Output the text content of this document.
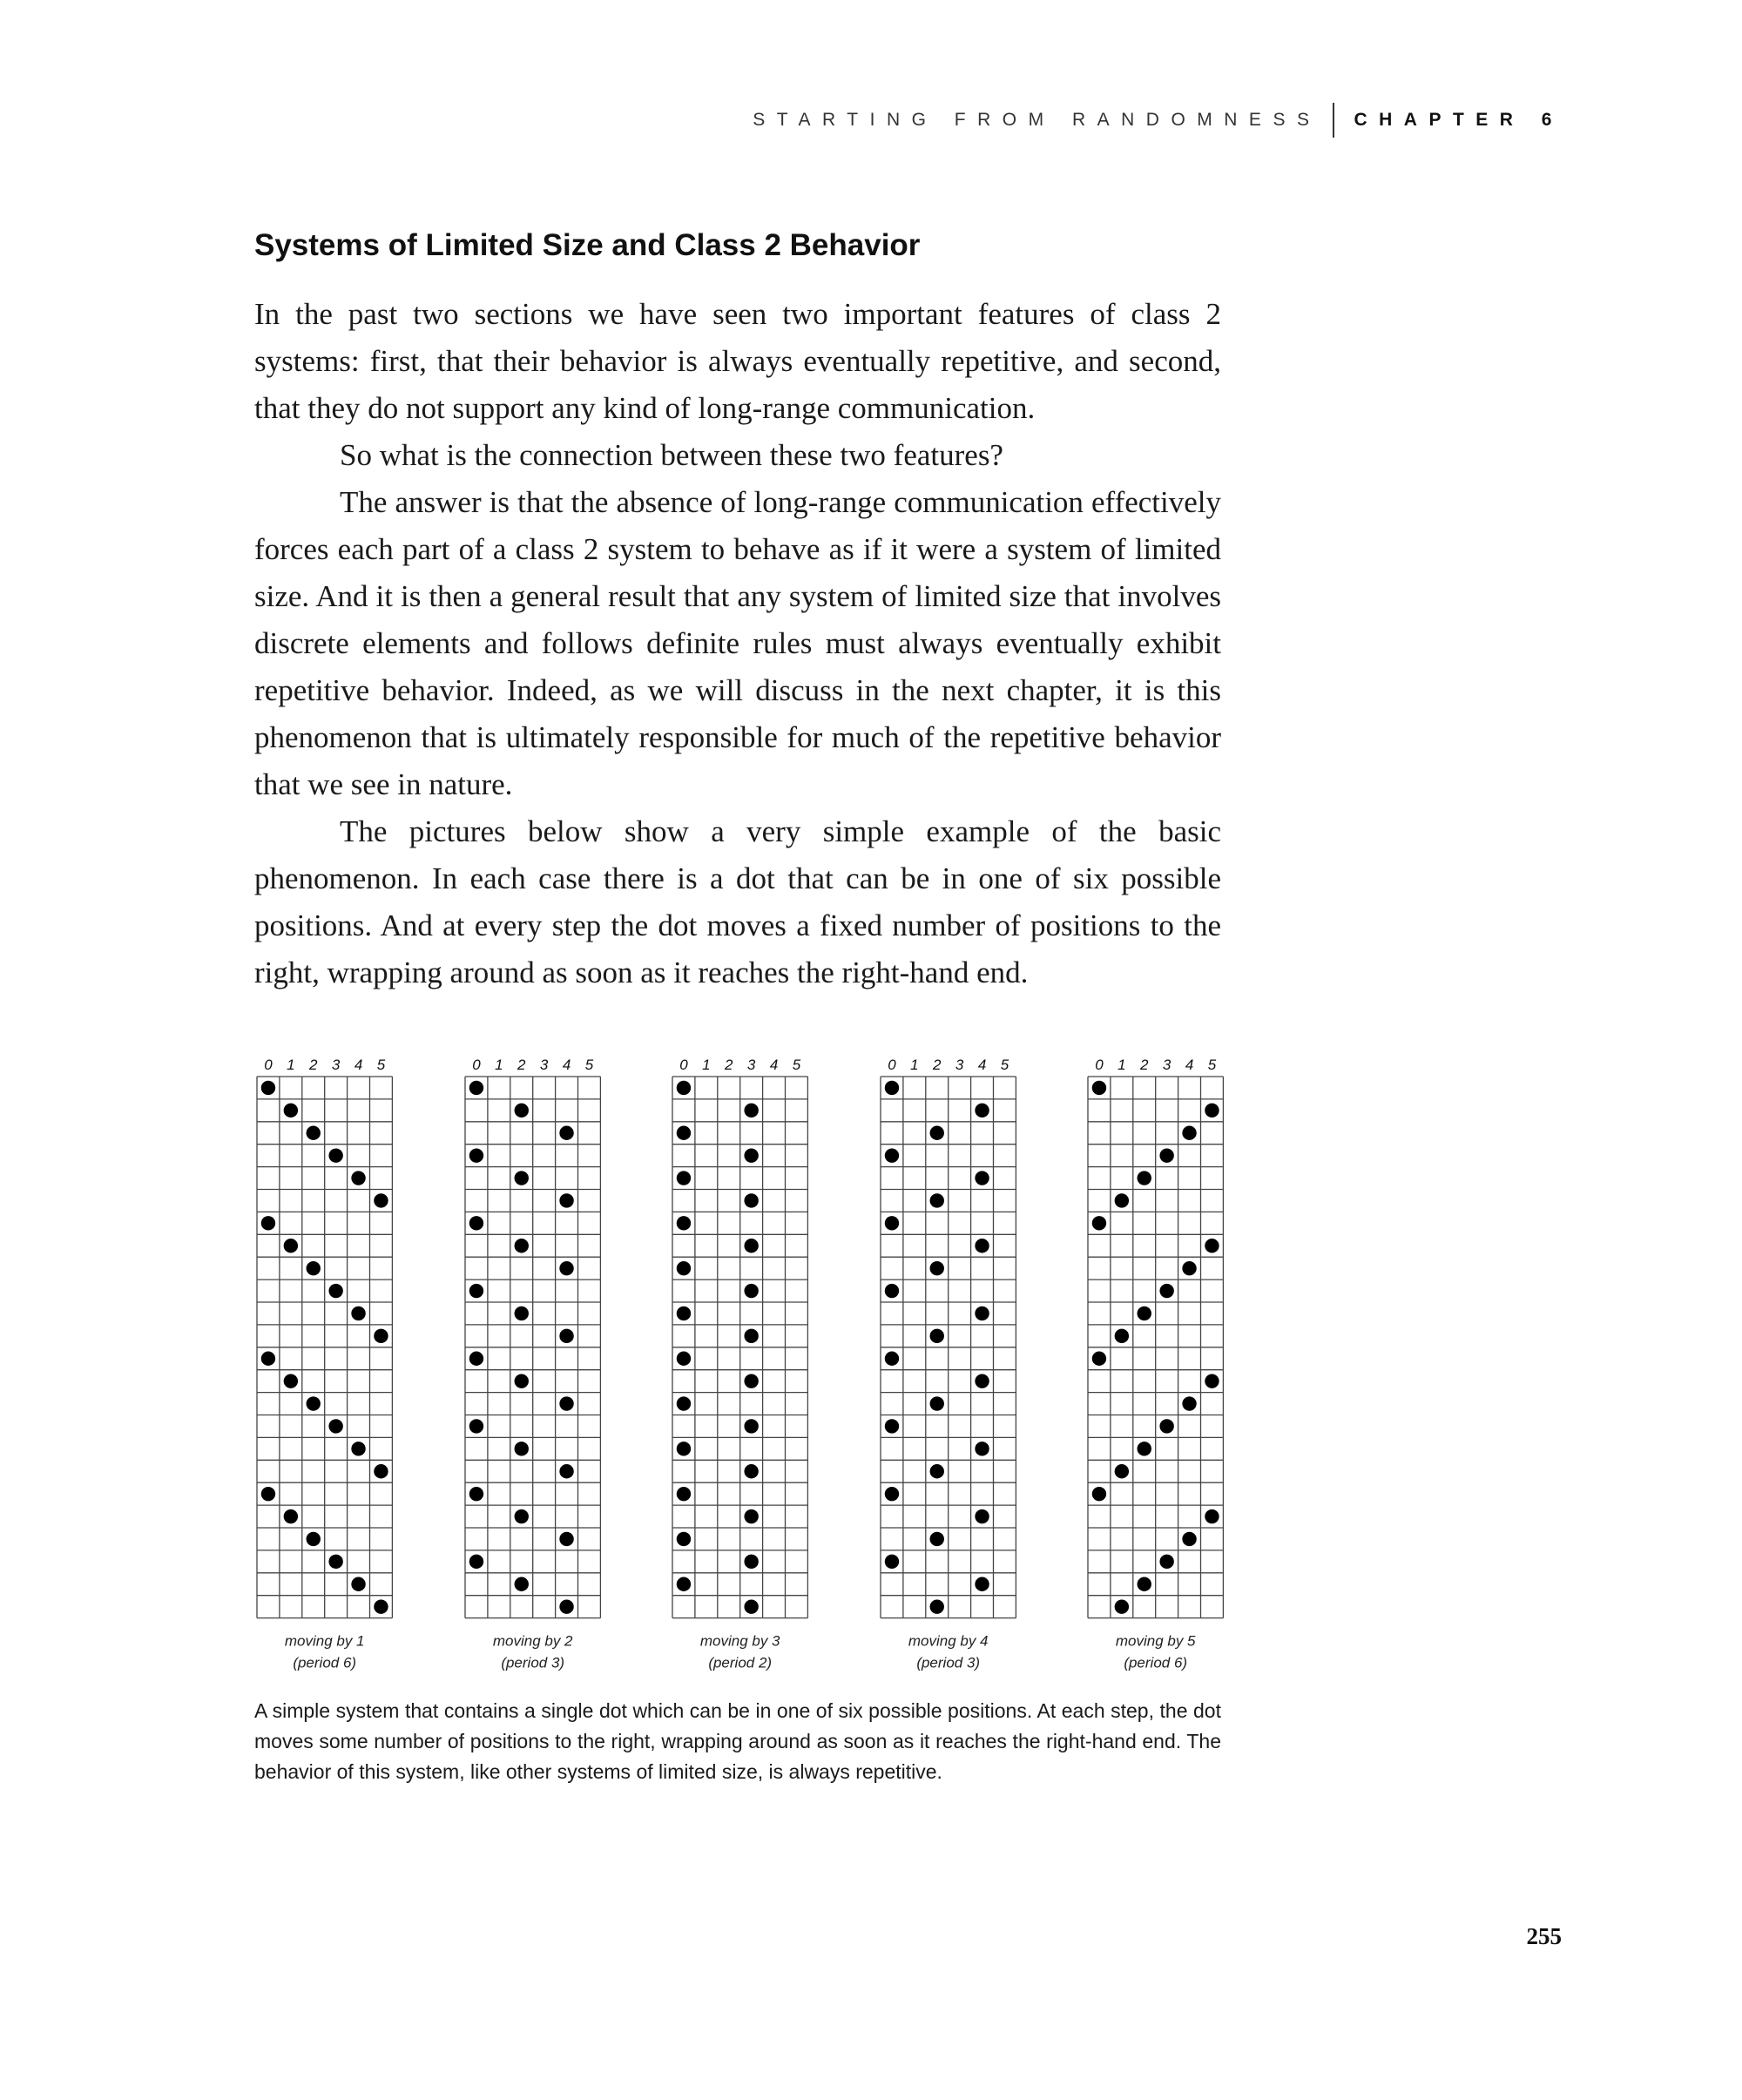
STARTING FROM RANDOMNESS CHAPTER 6
Systems of Limited Size and Class 2 Behavior

In the past two sections we have seen two important features of class 2 systems: first, that their behavior is always eventually repetitive, and second, that they do not support any kind of long-range communication.

So what is the connection between these two features?

The answer is that the absence of long-range communication effectively forces each part of a class 2 system to behave as if it were a system of limited size. And it is then a general result that any system of limited size that involves discrete elements and follows definite rules must always eventually exhibit repetitive behavior. Indeed, as we will discuss in the next chapter, it is this phenomenon that is ultimately responsible for much of the repetitive behavior that we see in nature.

The pictures below show a very simple example of the basic phenomenon. In each case there is a dot that can be in one of six possible positions. And at every step the dot moves a fixed number of positions to the right, wrapping around as soon as it reaches the right-hand end.

0 1 2 3 4 5
moving by 1
(period 6)
0 1 2 3 4 5
moving by 2
(period 3)
0 1 2 3 4 5
moving by 3
(period 2)
0 1 2 3 4 5
moving by 4
(period 3)
0 1 2 3 4 5
moving by 5
(period 6)

A simple system that contains a single dot which can be in one of six possible positions. At each step, the dot moves some number of positions to the right, wrapping around as soon as it reaches the right-hand end. The behavior of this system, like other systems of limited size, is always repetitive.

255
